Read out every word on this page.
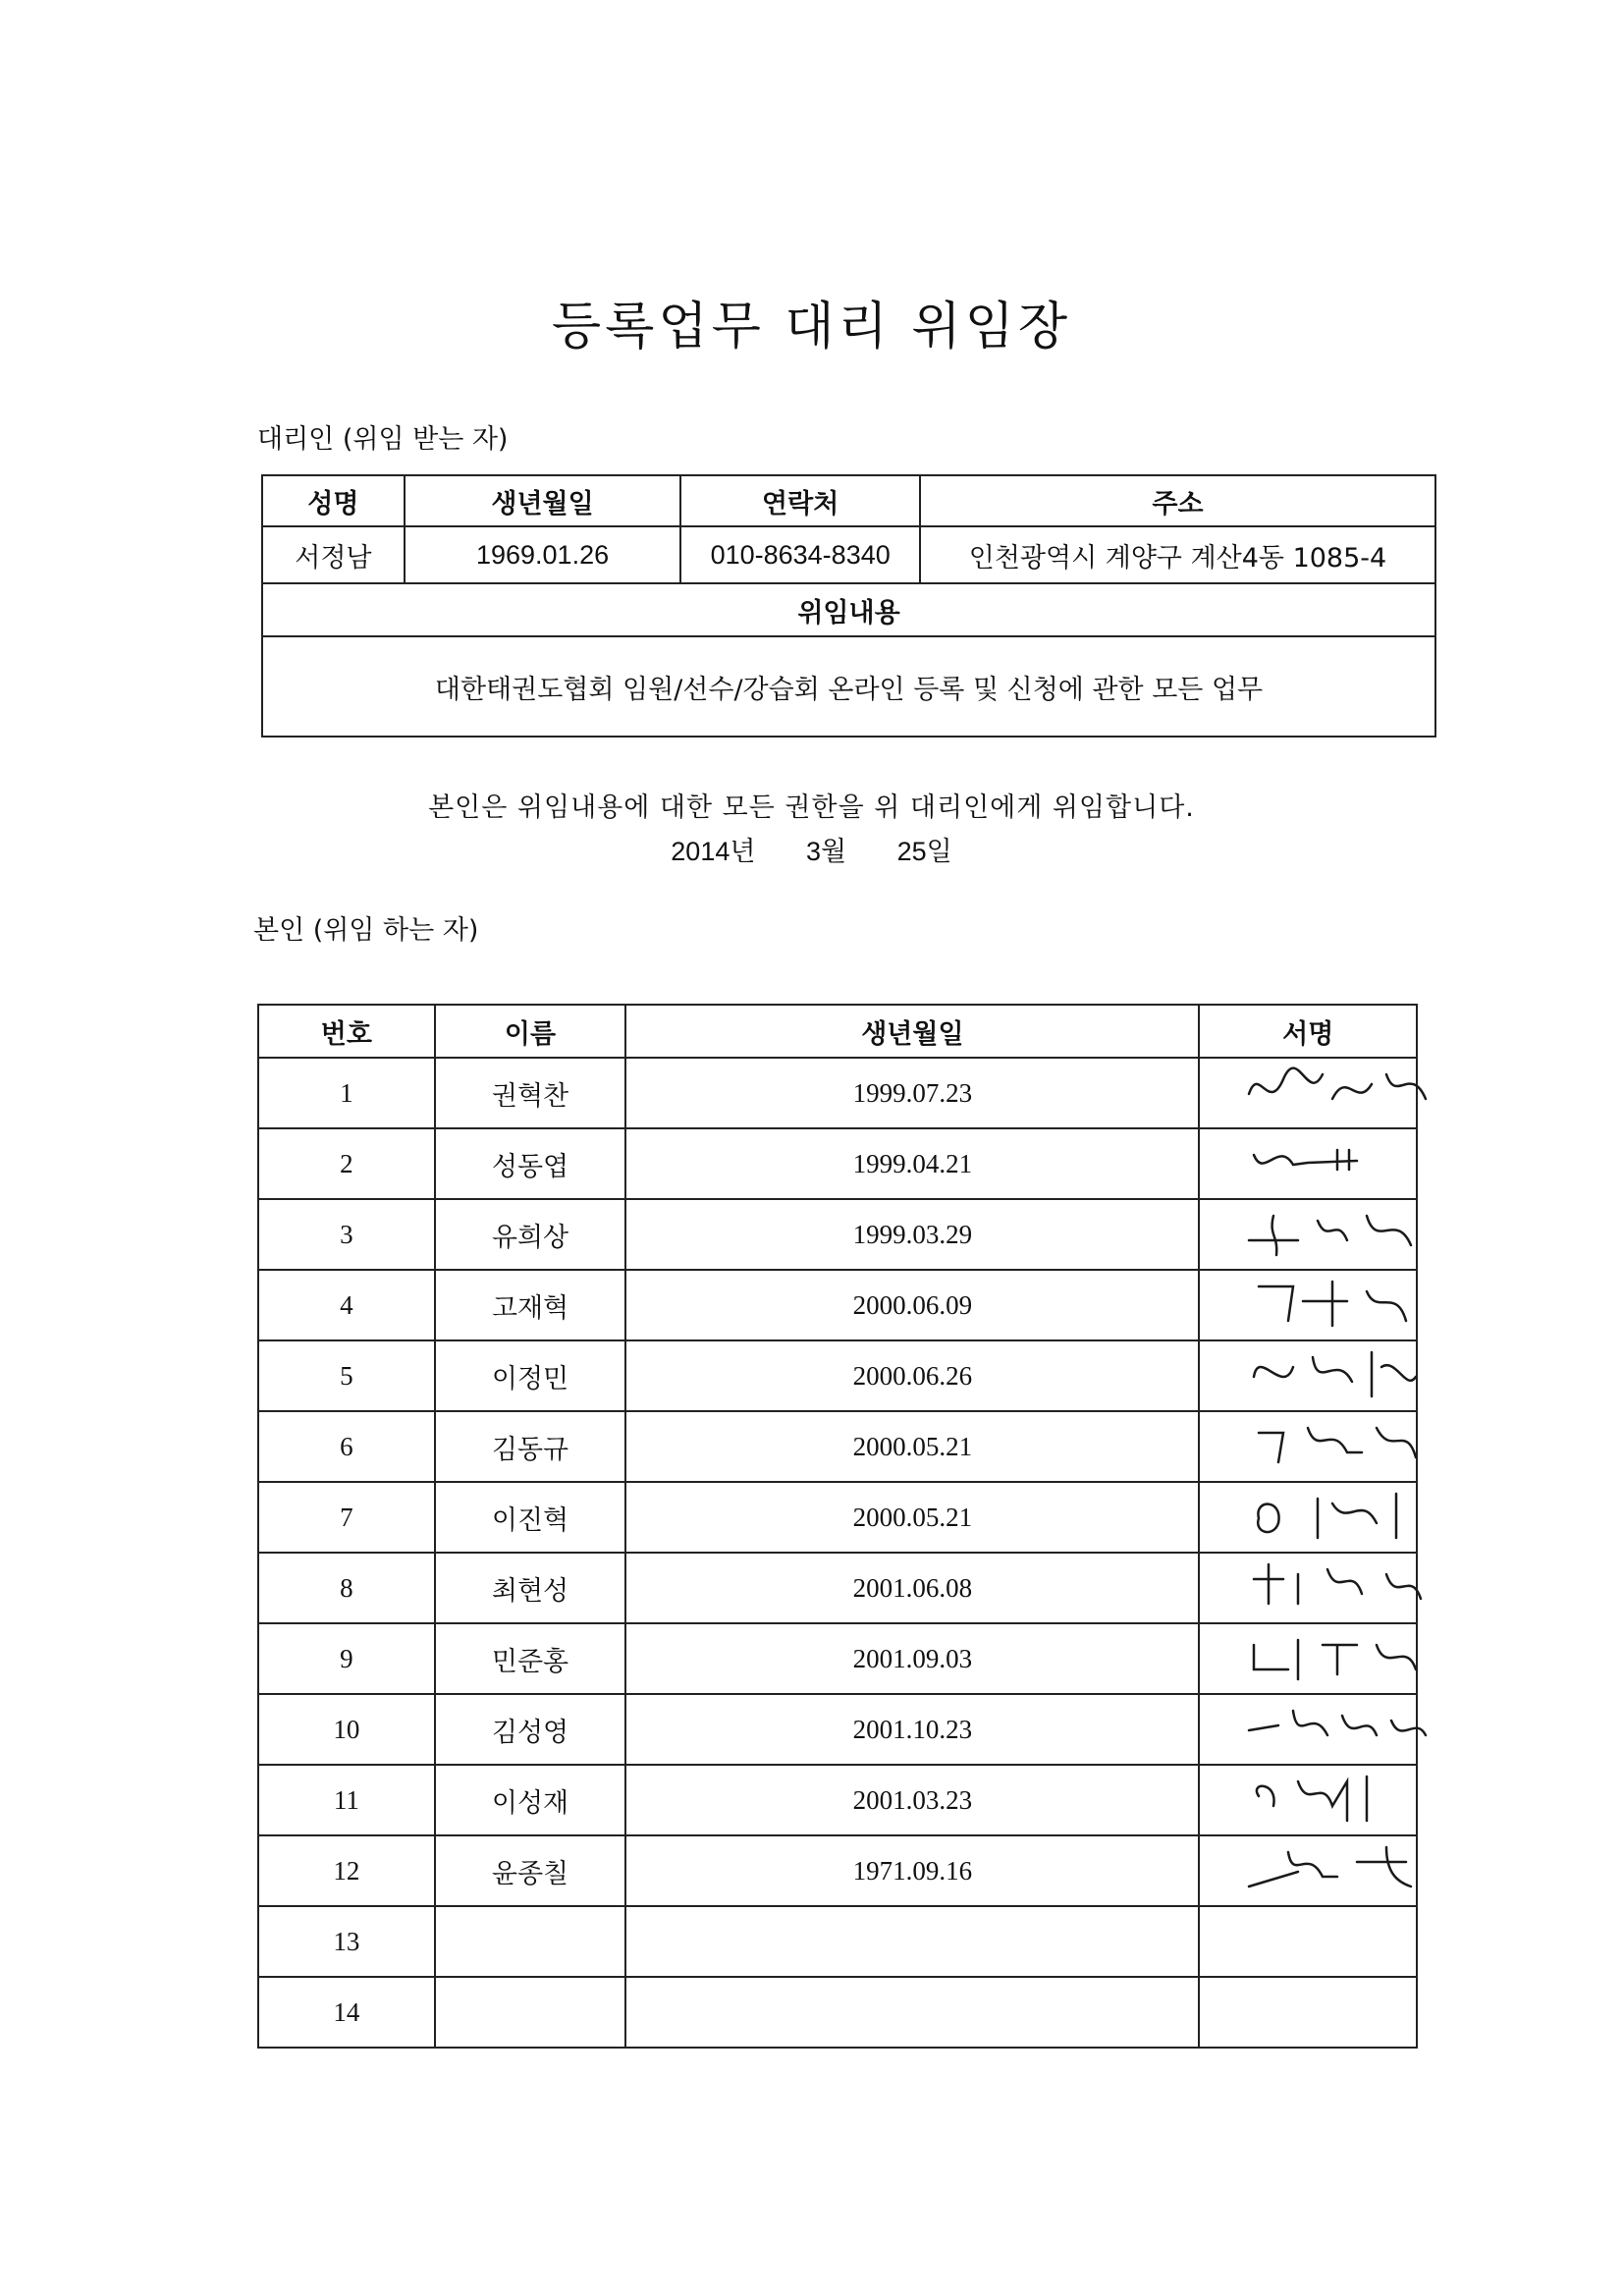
등록업무 대리 위임장
대리인 (위임 받는 자)
성명	생년월일	연락처	주소
서정남	1969.01.26	010-8634-8340	인천광역시 계양구 계산4동 1085-4
위임내용			
대한태권도협회 임원/선수/강습회 온라인 등록 및 신청에 관한 모든 업무			
본인은 위임내용에 대한 모든 권한을 위 대리인에게 위임합니다.
2014년 3월 25일
본인 (위임 하는 자)
번호	이름	생년월일	서명
1	권혁찬	1999.07.23	

2	성동엽	1999.04.21	

3	유희상	1999.03.29	

4	고재혁	2000.06.09	

5	이정민	2000.06.26	

6	김동규	2000.05.21	

7	이진혁	2000.05.21	

8	최현성	2001.06.08	

9	민준홍	2001.09.03	

10	김성영	2001.10.23	

11	이성재	2001.03.23	

12	윤종칠	1971.09.16	

13			
14			
